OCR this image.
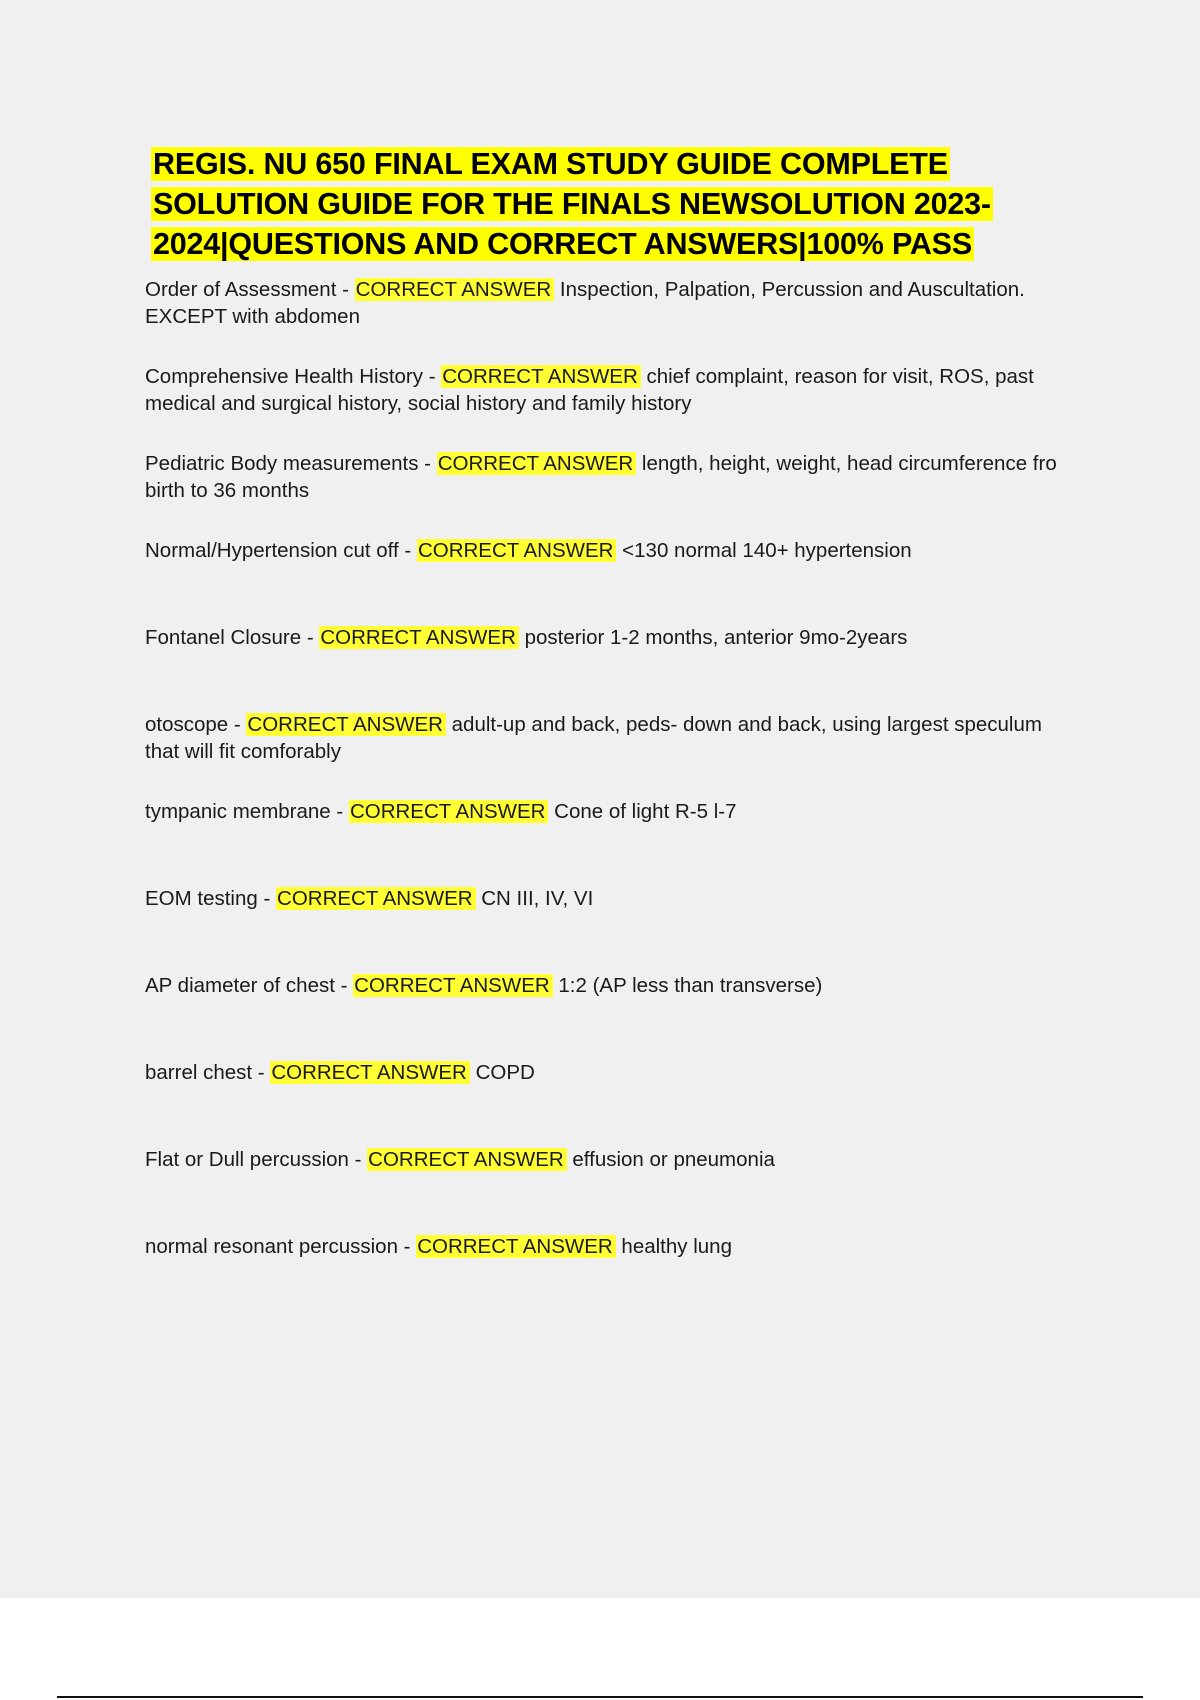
REGIS. NU 650 FINAL EXAM STUDY GUIDE COMPLETE SOLUTION GUIDE FOR THE FINALS NEWSOLUTION 2023-2024|QUESTIONS AND CORRECT ANSWERS|100% PASS
Order of Assessment - CORRECT ANSWER Inspection, Palpation, Percussion and Auscultation. EXCEPT with abdomen
Comprehensive Health History - CORRECT ANSWER chief complaint, reason for visit, ROS, past medical and surgical history, social history and family history
Pediatric Body measurements - CORRECT ANSWER length, height, weight, head circumference fro birth to 36 months
Normal/Hypertension cut off - CORRECT ANSWER <130 normal 140+ hypertension
Fontanel Closure - CORRECT ANSWER posterior 1-2 months, anterior 9mo-2years
otoscope - CORRECT ANSWER adult-up and back, peds- down and back, using largest speculum that will fit comforably
tympanic membrane - CORRECT ANSWER Cone of light R-5 l-7
EOM testing - CORRECT ANSWER CN III, IV, VI
AP diameter of chest - CORRECT ANSWER 1:2 (AP less than transverse)
barrel chest - CORRECT ANSWER COPD
Flat or Dull percussion - CORRECT ANSWER effusion or pneumonia
normal resonant percussion - CORRECT ANSWER healthy lung
